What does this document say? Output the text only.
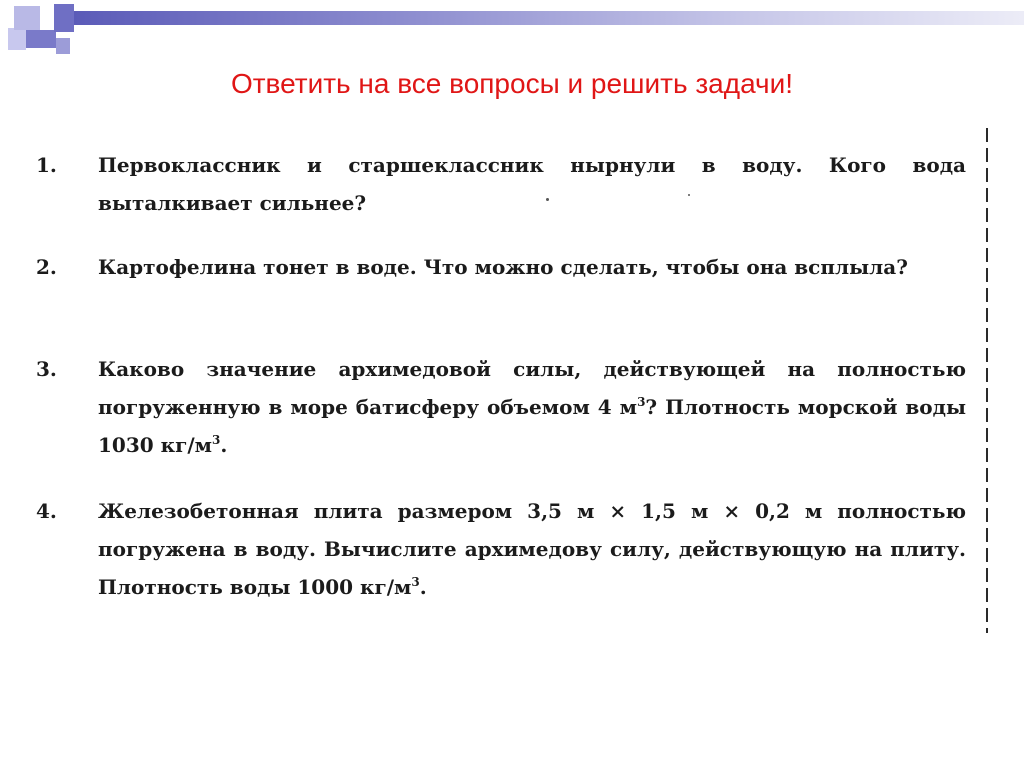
Ответить на все вопросы и решить задачи!
1.	Первоклассник и старшеклассник нырнули в воду. Кого вода выталкивает сильнее?
2.	Картофелина тонет в воде. Что можно сделать, чтобы она всплыла?
3.	Каково значение архимедовой силы, действующей на полностью погруженную в море батисферу объемом 4 $м^3$? Плотность морской воды 1030 $кг/м^3$.
4.	Железобетонная плита размером 3,5 м × 1,5 м × 0,2 м полностью погружена в воду. Вычислите архимедову силу, действующую на плиту. Плотность воды 1000 $кг/м^3$.
